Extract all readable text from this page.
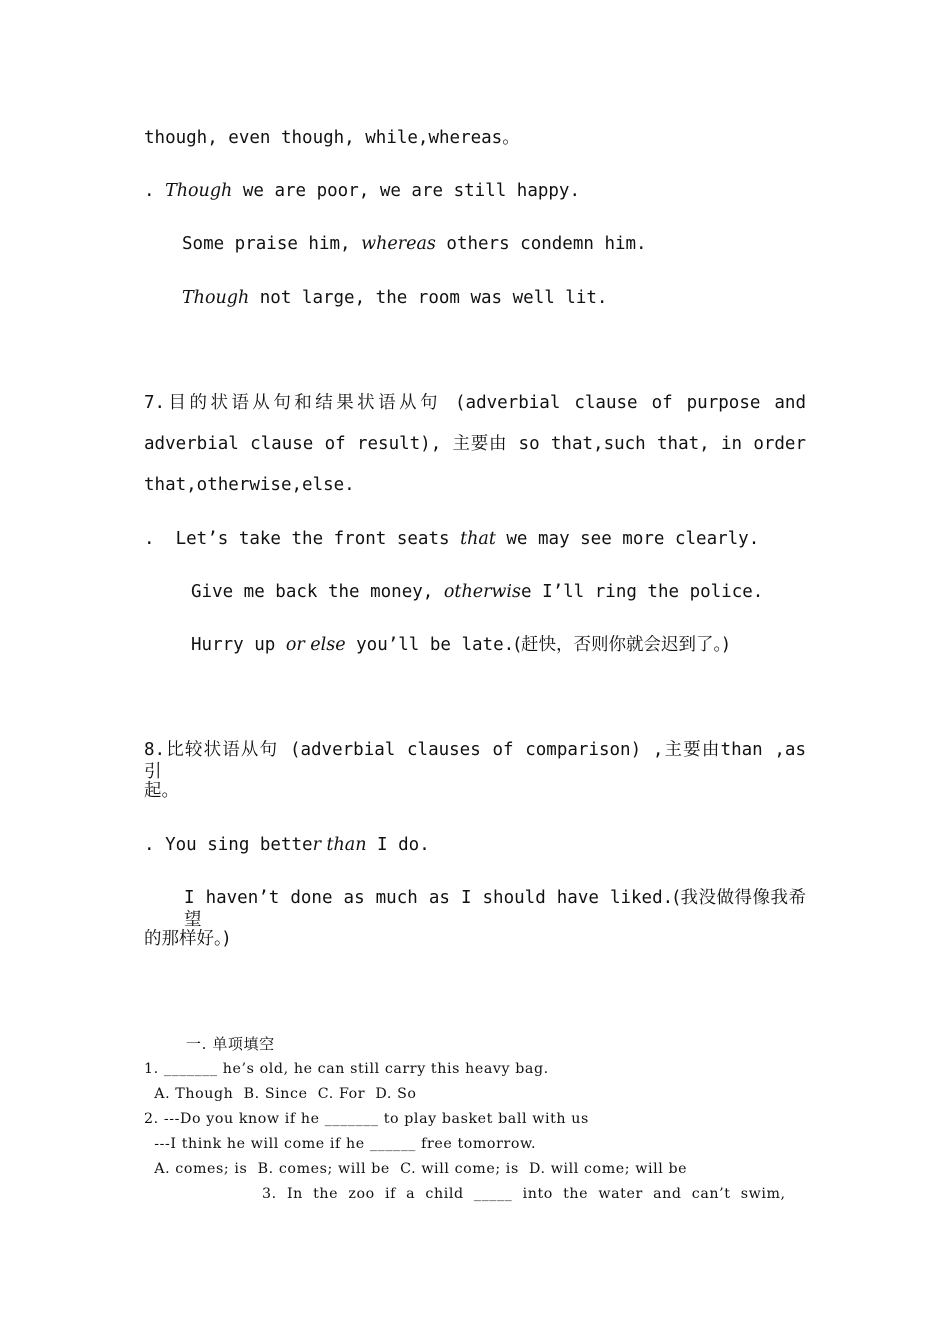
though, even though, while,whereas。
. Though we are poor, we are still happy.
Some praise him, whereas others condemn him.
Though not large, the room was well lit.
7.目的状语从句和结果状语从句 (adverbial clause of purpose and
adverbial clause of result), 主要由 so that,such that, in order
that,otherwise,else.
.  Let’s take the front seats that we may see more clearly.
Give me back the money, otherwise I’ll ring the police.
Hurry up or else you’ll be late.(赶快，否则你就会迟到了。)
8.比较状语从句 (adverbial clauses of comparison) ,主要由than ,as 引
起。
. You sing better than I do.
I haven’t done as much as I should have liked.(我没做得像我希望
的那样好。)
一. 单项填空
1. _______ he’s old, he can still carry this heavy bag.
A. Though  B. Since  C. For  D. So
2. ---Do you know if he _______ to play basket ball with us
---I think he will come if he ______ free tomorrow.
A. comes; is  B. comes; will be  C. will come; is  D. will come; will be
3.  In  the  zoo  if  a  child  _____  into  the  water  and  can’t  swim,
